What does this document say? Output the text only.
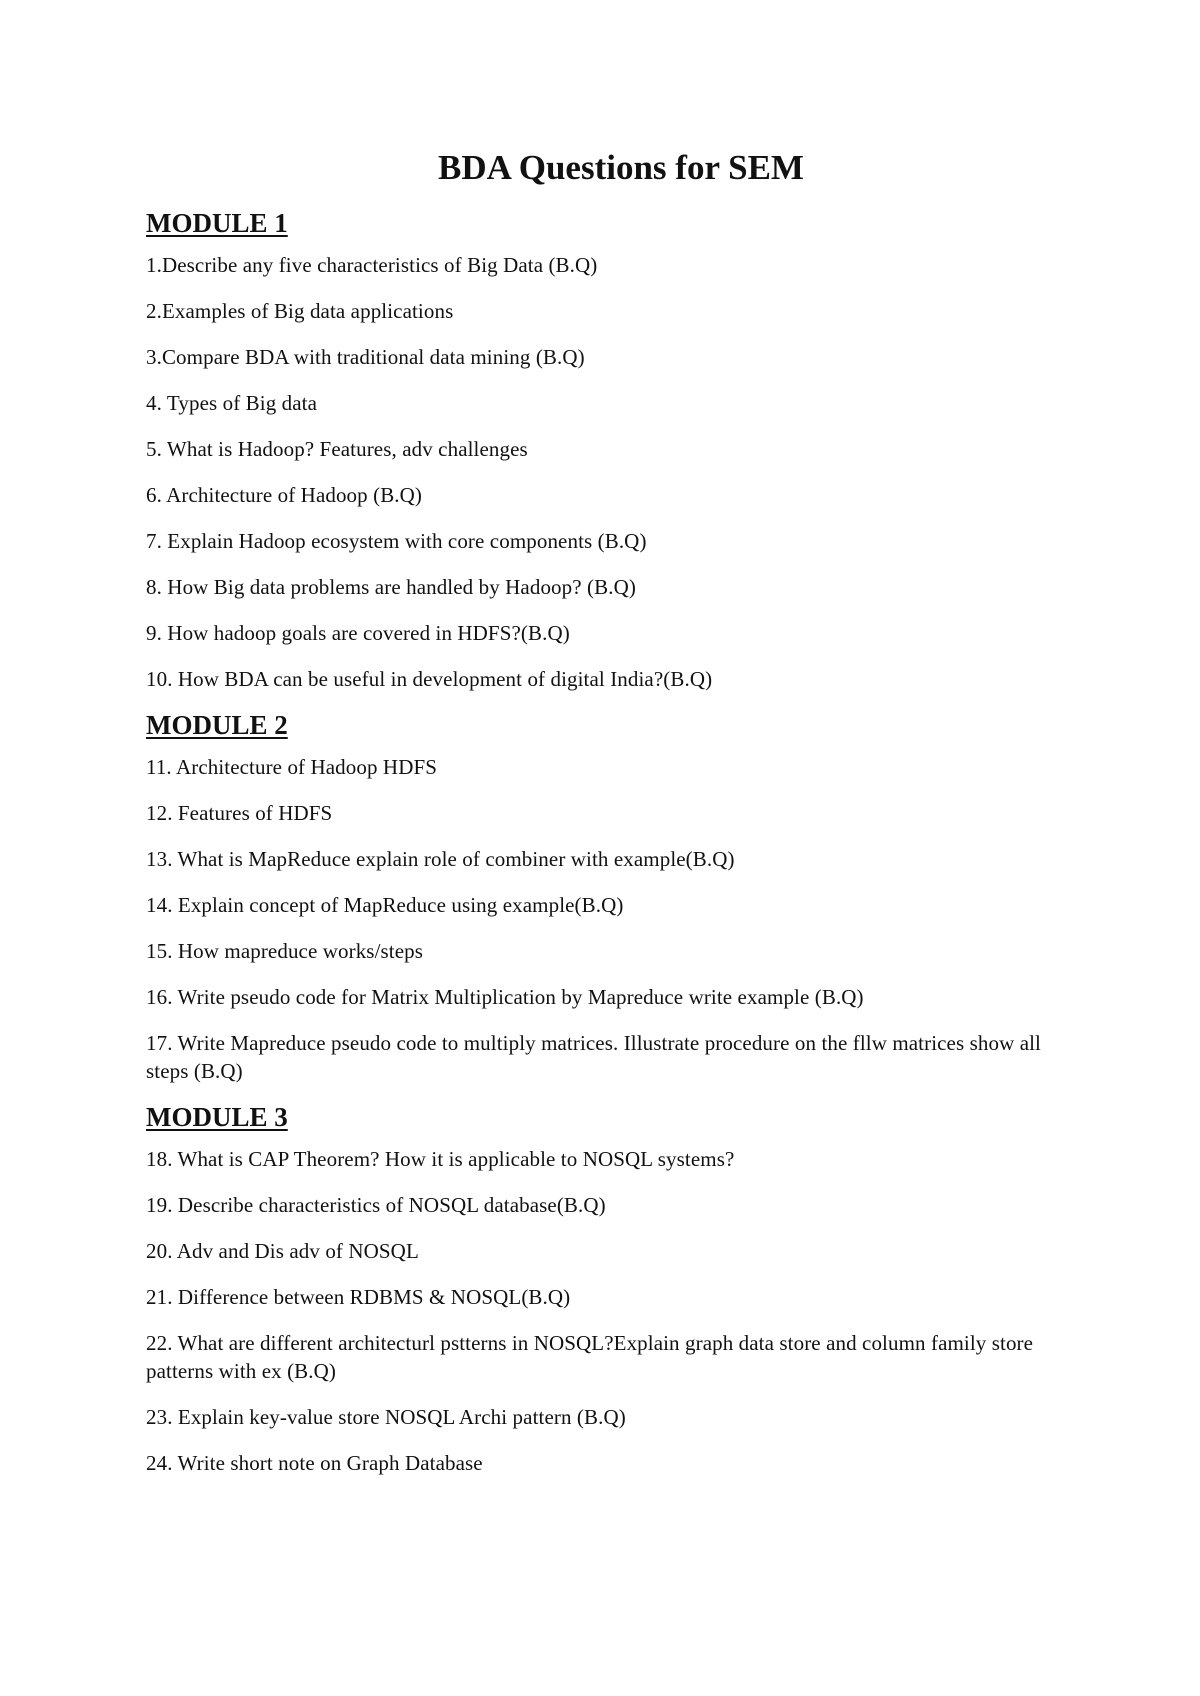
BDA Questions for SEM
MODULE 1
1.Describe any five characteristics of Big Data (B.Q)
2.Examples of Big data applications
3.Compare BDA with traditional data mining (B.Q)
4. Types of Big data
5. What is Hadoop? Features, adv challenges
6. Architecture of Hadoop (B.Q)
7. Explain Hadoop ecosystem with core components (B.Q)
8. How Big data problems are handled by Hadoop? (B.Q)
9. How hadoop goals are covered in HDFS?(B.Q)
10. How BDA can be useful in development of digital India?(B.Q)
MODULE 2
11. Architecture of Hadoop HDFS
12. Features of HDFS
13. What is MapReduce explain role of combiner with example(B.Q)
14. Explain concept of MapReduce using example(B.Q)
15. How mapreduce works/steps
16. Write pseudo code for Matrix Multiplication by Mapreduce write example (B.Q)
17. Write Mapreduce pseudo code to multiply matrices. Illustrate procedure on the fllw matrices show all steps (B.Q)
MODULE 3
18. What is CAP Theorem? How it is applicable to NOSQL systems?
19. Describe characteristics of NOSQL database(B.Q)
20. Adv and Dis adv of NOSQL
21. Difference between RDBMS & NOSQL(B.Q)
22. What are different architecturl pstterns in NOSQL?Explain graph data store and column family store patterns with ex (B.Q)
23. Explain key-value store NOSQL Archi pattern (B.Q)
24. Write short note on Graph Database
